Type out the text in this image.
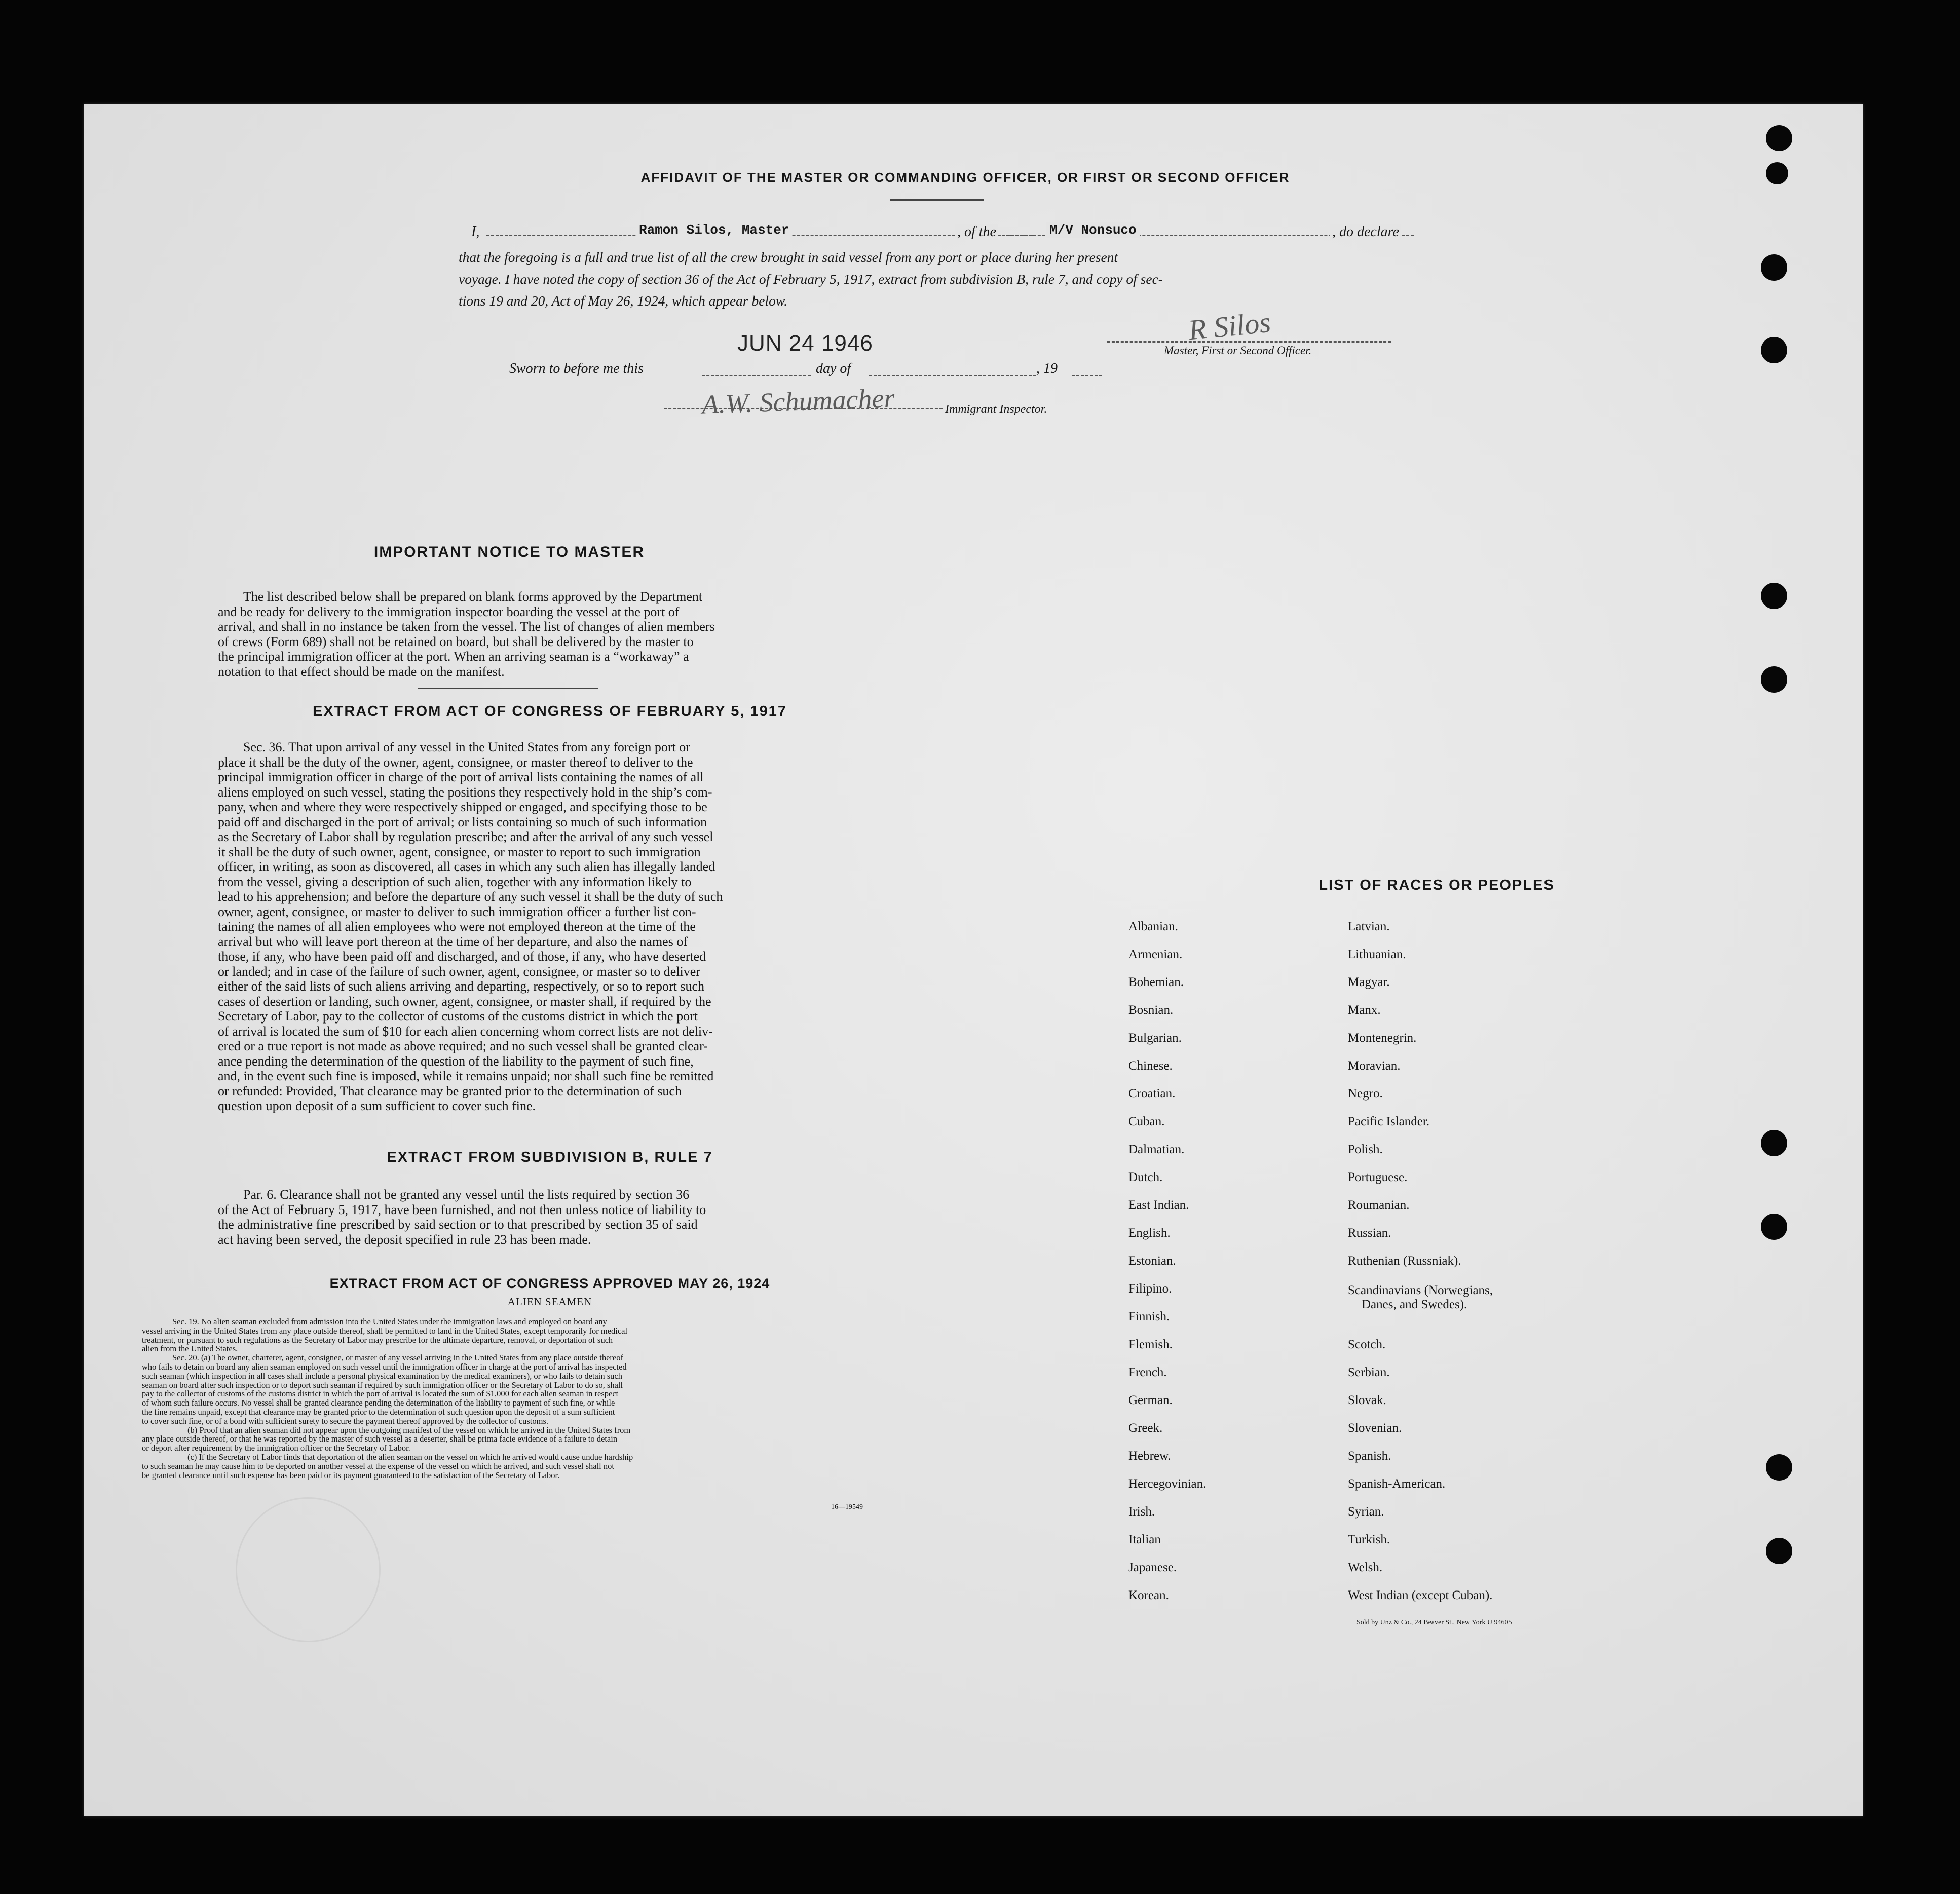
AFFIDAVIT OF THE MASTER OR COMMANDING OFFICER, OR FIRST OR SECOND OFFICER
I,	Ramon Silos, Master	, of the	M/V Nonsuco	, do declare
that the foregoing is a full and true list of all the crew brought in said vessel from any port or place during her present
voyage. I have noted the copy of section 36 of the Act of February 5, 1917, extract from subdivision B, rule 7, and copy of sec-
tions 19 and 20, Act of May 26, 1924, which appear below.
JUN 24 1946	R Silos
Master, First or Second Officer.
Sworn to before me this	day of	, 19
A.W. Schumacher	Immigrant Inspector.
IMPORTANT NOTICE TO MASTER
The list described below shall be prepared on blank forms approved by the Department
and be ready for delivery to the immigration inspector boarding the vessel at the port of
arrival, and shall in no instance be taken from the vessel. The list of changes of alien members
of crews (Form 689) shall not be retained on board, but shall be delivered by the master to
the principal immigration officer at the port. When an arriving seaman is a “workaway” a
notation to that effect should be made on the manifest.
EXTRACT FROM ACT OF CONGRESS OF FEBRUARY 5, 1917
Sec. 36. That upon arrival of any vessel in the United States from any foreign port or
place it shall be the duty of the owner, agent, consignee, or master thereof to deliver to the
principal immigration officer in charge of the port of arrival lists containing the names of all
aliens employed on such vessel, stating the positions they respectively hold in the ship’s com-
pany, when and where they were respectively shipped or engaged, and specifying those to be
paid off and discharged in the port of arrival; or lists containing so much of such information
as the Secretary of Labor shall by regulation prescribe; and after the arrival of any such vessel
it shall be the duty of such owner, agent, consignee, or master to report to such immigration
officer, in writing, as soon as discovered, all cases in which any such alien has illegally landed
from the vessel, giving a description of such alien, together with any information likely to
lead to his apprehension; and before the departure of any such vessel it shall be the duty of such
owner, agent, consignee, or master to deliver to such immigration officer a further list con-
taining the names of all alien employees who were not employed thereon at the time of the
arrival but who will leave port thereon at the time of her departure, and also the names of
those, if any, who have been paid off and discharged, and of those, if any, who have deserted
or landed; and in case of the failure of such owner, agent, consignee, or master so to deliver
either of the said lists of such aliens arriving and departing, respectively, or so to report such
cases of desertion or landing, such owner, agent, consignee, or master shall, if required by the
Secretary of Labor, pay to the collector of customs of the customs district in which the port
of arrival is located the sum of $10 for each alien concerning whom correct lists are not deliv-
ered or a true report is not made as above required; and no such vessel shall be granted clear-
ance pending the determination of the question of the liability to the payment of such fine,
and, in the event such fine is imposed, while it remains unpaid; nor shall such fine be remitted
or refunded: Provided, That clearance may be granted prior to the determination of such
question upon deposit of a sum sufficient to cover such fine.
EXTRACT FROM SUBDIVISION B, RULE 7
Par. 6. Clearance shall not be granted any vessel until the lists required by section 36
of the Act of February 5, 1917, have been furnished, and not then unless notice of liability to
the administrative fine prescribed by said section or to that prescribed by section 35 of said
act having been served, the deposit specified in rule 23 has been made.
EXTRACT FROM ACT OF CONGRESS APPROVED MAY 26, 1924
ALIEN SEAMEN
Sec. 19. No alien seaman excluded from admission into the United States under the immigration laws and employed on board any
vessel arriving in the United States from any place outside thereof, shall be permitted to land in the United States, except temporarily for medical
treatment, or pursuant to such regulations as the Secretary of Labor may prescribe for the ultimate departure, removal, or deportation of such
alien from the United States.
Sec. 20. (a) The owner, charterer, agent, consignee, or master of any vessel arriving in the United States from any place outside thereof
who fails to detain on board any alien seaman employed on such vessel until the immigration officer in charge at the port of arrival has inspected
such seaman (which inspection in all cases shall include a personal physical examination by the medical examiners), or who fails to detain such
seaman on board after such inspection or to deport such seaman if required by such immigration officer or the Secretary of Labor to do so, shall
pay to the collector of customs of the customs district in which the port of arrival is located the sum of $1,000 for each alien seaman in respect
of whom such failure occurs. No vessel shall be granted clearance pending the determination of the liability to payment of such fine, or while
the fine remains unpaid, except that clearance may be granted prior to the determination of such question upon the deposit of a sum sufficient
to cover such fine, or of a bond with sufficient surety to secure the payment thereof approved by the collector of customs.
(b) Proof that an alien seaman did not appear upon the outgoing manifest of the vessel on which he arrived in the United States from
any place outside thereof, or that he was reported by the master of such vessel as a deserter, shall be prima facie evidence of a failure to detain
or deport after requirement by the immigration officer or the Secretary of Labor.
(c) If the Secretary of Labor finds that deportation of the alien seaman on the vessel on which he arrived would cause undue hardship
to such seaman he may cause him to be deported on another vessel at the expense of the vessel on which he arrived, and such vessel shall not
be granted clearance until such expense has been paid or its payment guaranteed to the satisfaction of the Secretary of Labor.
16—19549
LIST OF RACES OR PEOPLES
Albanian.
Armenian.
Bohemian.
Bosnian.
Bulgarian.
Chinese.
Croatian.
Cuban.
Dalmatian.
Dutch.
East Indian.
English.
Estonian.
Filipino.
Finnish.
Flemish.
French.
German.
Greek.
Hebrew.
Hercegovinian.
Irish.
Italian
Japanese.
Korean.
Latvian.
Lithuanian.
Magyar.
Manx.
Montenegrin.
Moravian.
Negro.
Pacific Islander.
Polish.
Portuguese.
Roumanian.
Russian.
Ruthenian (Russniak).
Scandinavians (Norwegians,
Danes, and Swedes).
Scotch.
Serbian.
Slovak.
Slovenian.
Spanish.
Spanish-American.
Syrian.
Turkish.
Welsh.
West Indian (except Cuban).
Sold by Unz & Co., 24 Beaver St., New York U 94605
